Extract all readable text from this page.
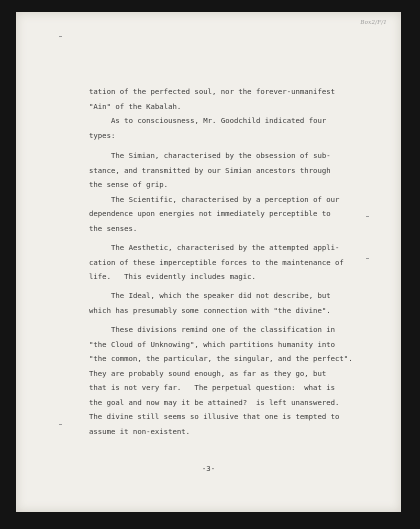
Box2/F/1
tation of the perfected soul, nor the forever-unmanifest
"Ain" of the Kabalah.
As to consciousness, Mr. Goodchild indicated four
types:
The Simian, characterised by the obsession of sub-
stance, and transmitted by our Simian ancestors through
the sense of grip.
The Scientific, characterised by a perception of our
dependence upon energies not immediately perceptible to
the senses.
The Aesthetic, characterised by the attempted appli-
cation of these imperceptible forces to the maintenance of
life.   This evidently includes magic.
The Ideal, which the speaker did not describe, but
which has presumably some connection with "the divine".
These divisions remind one of the classification in
"the Cloud of Unknowing", which partitions humanity into
"the common, the particular, the singular, and the perfect".
They are probably sound enough, as far as they go, but
that is not very far.   The perpetual question:  what is
the goal and now may it be attained?  is left unanswered.
The divine still seems so illusive that one is tempted to
assume it non-existent.
-3-
